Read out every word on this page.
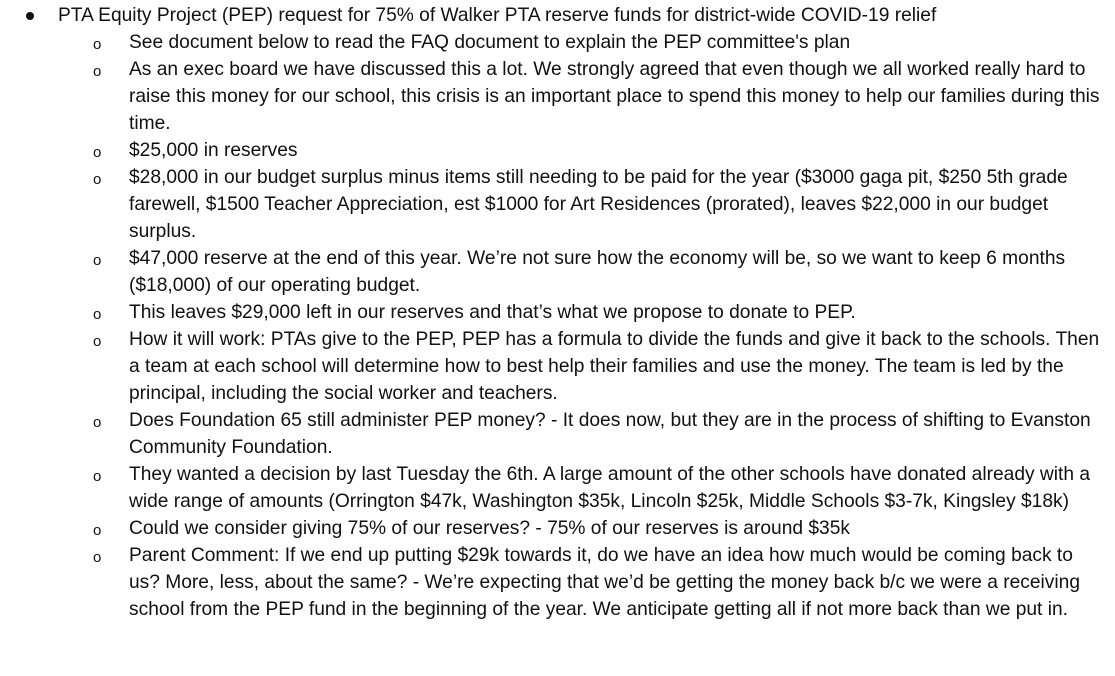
PTA Equity Project (PEP) request for 75% of Walker PTA reserve funds for district-wide COVID-19 relief
o See document below to read the FAQ document to explain the PEP committee's plan
o As an exec board we have discussed this a lot. We strongly agreed that even though we all worked really hard to raise this money for our school, this crisis is an important place to spend this money to help our families during this time.
o $25,000 in reserves
o $28,000 in our budget surplus minus items still needing to be paid for the year ($3000 gaga pit, $250 5th grade farewell, $1500 Teacher Appreciation, est $1000 for Art Residences (prorated), leaves $22,000 in our budget surplus.
o $47,000 reserve at the end of this year. We’re not sure how the economy will be, so we want to keep 6 months ($18,000) of our operating budget.
o This leaves $29,000 left in our reserves and that’s what we propose to donate to PEP.
o How it will work: PTAs give to the PEP, PEP has a formula to divide the funds and give it back to the schools. Then a team at each school will determine how to best help their families and use the money. The team is led by the principal, including the social worker and teachers.
o Does Foundation 65 still administer PEP money? - It does now, but they are in the process of shifting to Evanston Community Foundation.
o They wanted a decision by last Tuesday the 6th. A large amount of the other schools have donated already with a wide range of amounts (Orrington $47k, Washington $35k, Lincoln $25k, Middle Schools $3-7k, Kingsley $18k)
o Could we consider giving 75% of our reserves? - 75% of our reserves is around $35k
o Parent Comment: If we end up putting $29k towards it, do we have an idea how much would be coming back to us? More, less, about the same? - We’re expecting that we’d be getting the money back b/c we were a receiving school from the PEP fund in the beginning of the year. We anticipate getting all if not more back than we put in.
